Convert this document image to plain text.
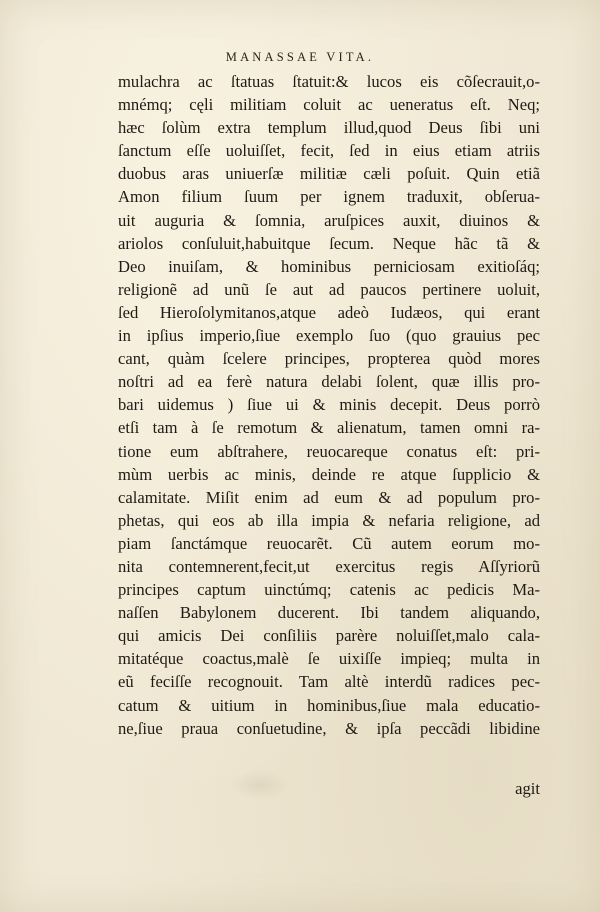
MANASSAE VITA.
mulachra ac ſtatuas ſtatuit:& lucos eis cõſecrauit,o-
mnémq; cęli militiam coluit ac ueneratus eſt. Neq;
hæc ſolùm extra templum illud,quod Deus ſibi uni
ſanctum eſſe uoluiſſet, fecit, ſed in eius etiam atriis
duobus aras uniuerſæ militiæ cæli poſuit. Quin etiã
Amon filium ſuum per ignem traduxit, obſerua-
uit auguria & ſomnia, aruſpices auxit, diuinos &
ariolos conſuluit,habuitque ſecum. Neque hãc tã &
Deo inuiſam, & hominibus perniciosam exitioſáq;
religionẽ ad unũ ſe aut ad paucos pertinere uoluit,
ſed Hieroſolymitanos,atque adeò Iudæos, qui erant
in ipſius imperio,ſiue exemplo ſuo (quo grauius pec
cant, quàm ſcelere principes, propterea quòd mores
noſtri ad ea ferè natura delabi ſolent, quæ illis pro-
bari uidemus ) ſiue ui & minis decepit. Deus porrò
etſi tam à ſe remotum & alienatum, tamen omni ra-
tione eum abſtrahere, reuocareque conatus eſt: pri-
mùm uerbis ac minis, deinde re atque ſupplicio &
calamitate. Miſit enim ad eum & ad populum pro-
phetas, qui eos ab illa impia & nefaria religione, ad
piam ſanctámque reuocarẽt. Cũ autem eorum mo-
nita contemnerent,fecit,ut exercitus regis Aſſyriorũ
principes captum uinctúmq; catenis ac pedicis Ma-
naſſen Babylonem ducerent. Ibi tandem aliquando,
qui amicis Dei conſiliis parère noluiſſet,malo cala-
mitatéque coactus,malè ſe uixiſſe impieq; multa in
eũ feciſſe recognouit. Tam altè interdũ radices pec-
catum & uitium in hominibus,ſiue mala educatio-
ne,ſiue praua conſuetudine, & ipſa peccãdi libidine
agit
